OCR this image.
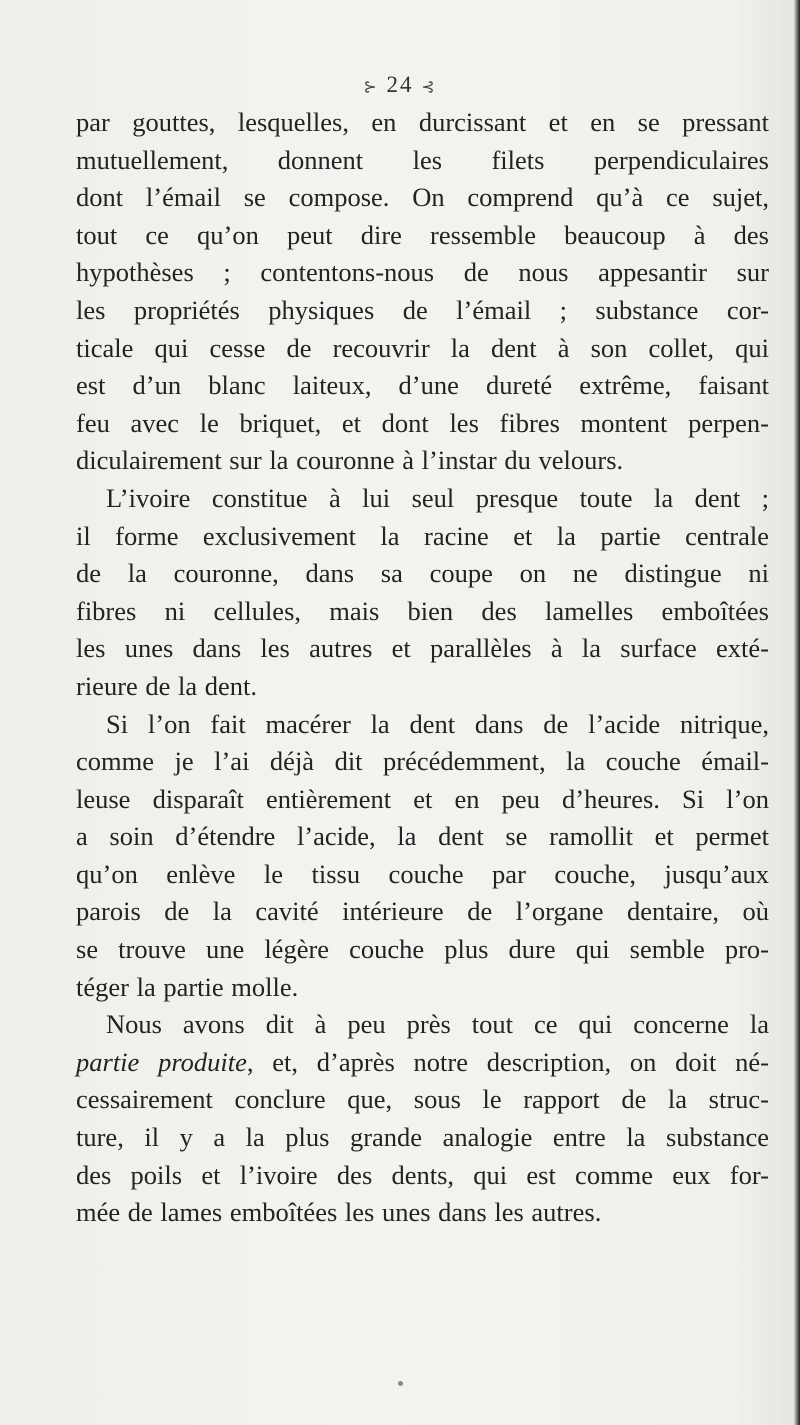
⊱ 24 ⊰
par gouttes, lesquelles, en durcissant et en se pressant
mutuellement, donnent les filets perpendiculaires
dont l’émail se compose. On comprend qu’à ce sujet,
tout ce qu’on peut dire ressemble beaucoup à des
hypothèses ; contentons-nous de nous appesantir sur
les propriétés physiques de l’émail ; substance cor-
ticale qui cesse de recouvrir la dent à son collet, qui
est d’un blanc laiteux, d’une dureté extrême, faisant
feu avec le briquet, et dont les fibres montent perpen-
diculairement sur la couronne à l’instar du velours.
L’ivoire constitue à lui seul presque toute la dent ;
il forme exclusivement la racine et la partie centrale
de la couronne, dans sa coupe on ne distingue ni
fibres ni cellules, mais bien des lamelles emboîtées
les unes dans les autres et parallèles à la surface exté-
rieure de la dent.
Si l’on fait macérer la dent dans de l’acide nitrique,
comme je l’ai déjà dit précédemment, la couche émail-
leuse disparaît entièrement et en peu d’heures. Si l’on
a soin d’étendre l’acide, la dent se ramollit et permet
qu’on enlève le tissu couche par couche, jusqu’aux
parois de la cavité intérieure de l’organe dentaire, où
se trouve une légère couche plus dure qui semble pro-
téger la partie molle.
Nous avons dit à peu près tout ce qui concerne la
partie produite, et, d’après notre description, on doit né-
cessairement conclure que, sous le rapport de la struc-
ture, il y a la plus grande analogie entre la substance
des poils et l’ivoire des dents, qui est comme eux for-
mée de lames emboîtées les unes dans les autres.
